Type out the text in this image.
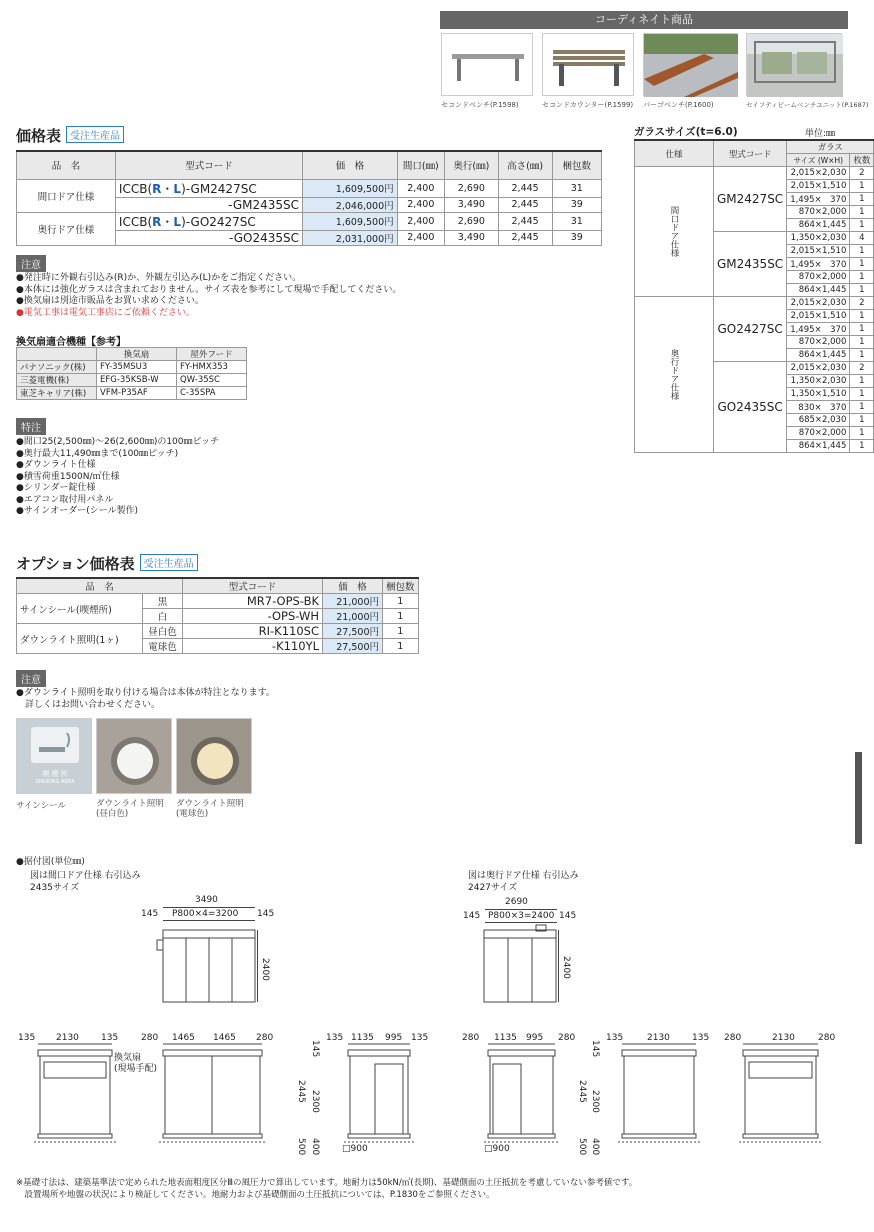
コーディネイト商品
セコンドベンチ(P.1598)	セコンドカウンター(P.1599) パーゴベンチ(P.1600)	セイフティビームベンチユニット(P.1687)
価格表 受注生産品
品　名	型式コード	価　格	間口(㎜)	奥行(㎜)	高さ(㎜)	梱包数
間口ドア仕様	ICCB(R・L)-GM2427SC	1,609,500円	2,400	2,690	2,445	31
	-GM2435SC	2,046,000円	2,400	3,490	2,445	39
奥行ドア仕様	ICCB(R・L)-GO2427SC	1,609,500円	2,400	2,690	2,445	31
	-GO2435SC	2,031,000円	2,400	3,490	2,445	39
注意
●発注時に外観右引込み(R)か、外観左引込み(L)かをご指定ください。
●本体には強化ガラスは含まれておりません。サイズ表を参考にして現場で手配してください。
●換気扇は別途市販品をお買い求めください。
●電気工事は電気工事店にご依頼ください。
換気扇適合機種【参考】
	換気扇	屋外フード
パナソニック(株)	FY-35MSU3	FY-HMX353
三菱電機(株)	EFG-35KSB-W	QW-35SC
東芝キャリア(株)	VFM-P35AF	C-35SPA
特注
●間口25(2,500㎜)～26(2,600㎜)の100㎜ピッチ
●奥行最大11,490㎜まで(100㎜ピッチ)
●ダウンライト仕様
●積雪荷重1500N/㎡仕様
●シリンダー錠仕様
●エアコン取付用パネル
●サインオーダー(シール製作)
オプション価格表 受注生産品
品　名		型式コード	価　格	梱包数
サインシール(喫煙所)	黒	MR7-OPS-BK	21,000円	1
	白	-OPS-WH	21,000円	1
ダウンライト照明(1ヶ)	昼白色	RI-K110SC	27,500円	1
	電球色	-K110YL	27,500円	1
注意
●ダウンライト照明を取り付ける場合は本体が特注となります。
　詳しくはお問い合わせください。
喫 煙 所
SMOKING AREA
サインシール	ダウンライト照明
(昼白色)
ダウンライト照明
(電球色)
ガラスサイズ(t=6.0)	単位:㎜
仕様	型式コード	ガラス	
		サイズ (W×H)	枚数
間口ドア仕様	GM2427SC	2,015×2,030	2
		2,015×1,510	1
		1,495×　370	1
		870×2,000	1
		864×1,445	1
	GM2435SC	1,350×2,030	4
		2,015×1,510	1
		1,495×　370	1
		870×2,000	1
		864×1,445	1
奥行ドア仕様	GO2427SC	2,015×2,030	2
		2,015×1,510	1
		1,495×　370	1
		870×2,000	1
		864×1,445	1
	GO2435SC	2,015×2,030	2
		1,350×2,030	1
		1,350×1,510	1
		830×　370	1
		685×2,030	1
		870×2,000	1
		864×1,445	1
●据付図(単位㎜)
図は間口ドア仕様 右引込み
2435サイズ
図は奥行ドア仕様 右引込み
2427サイズ
3490
145 P800×4=3200 145
2400
2690
145 P800×3=2400 145
2400
135 2130 135
換気扇
(現場手配)
280 1465 1465 280	135 1135 995 135	280 1135 995 280	135	2130 135 280	2130	280
145
2300
2445
500 400 □900
145
2300
2445
500 400
□900
※基礎寸法は、建築基準法で定められた地表面粗度区分Ⅲの風圧力で算出しています。地耐力は50kN/㎡(長期)、基礎側面の土圧抵抗を考慮していない参考値です。
　設置場所や地盤の状況により検証してください。地耐力および基礎側面の土圧抵抗については、P.1830をご参照ください。
